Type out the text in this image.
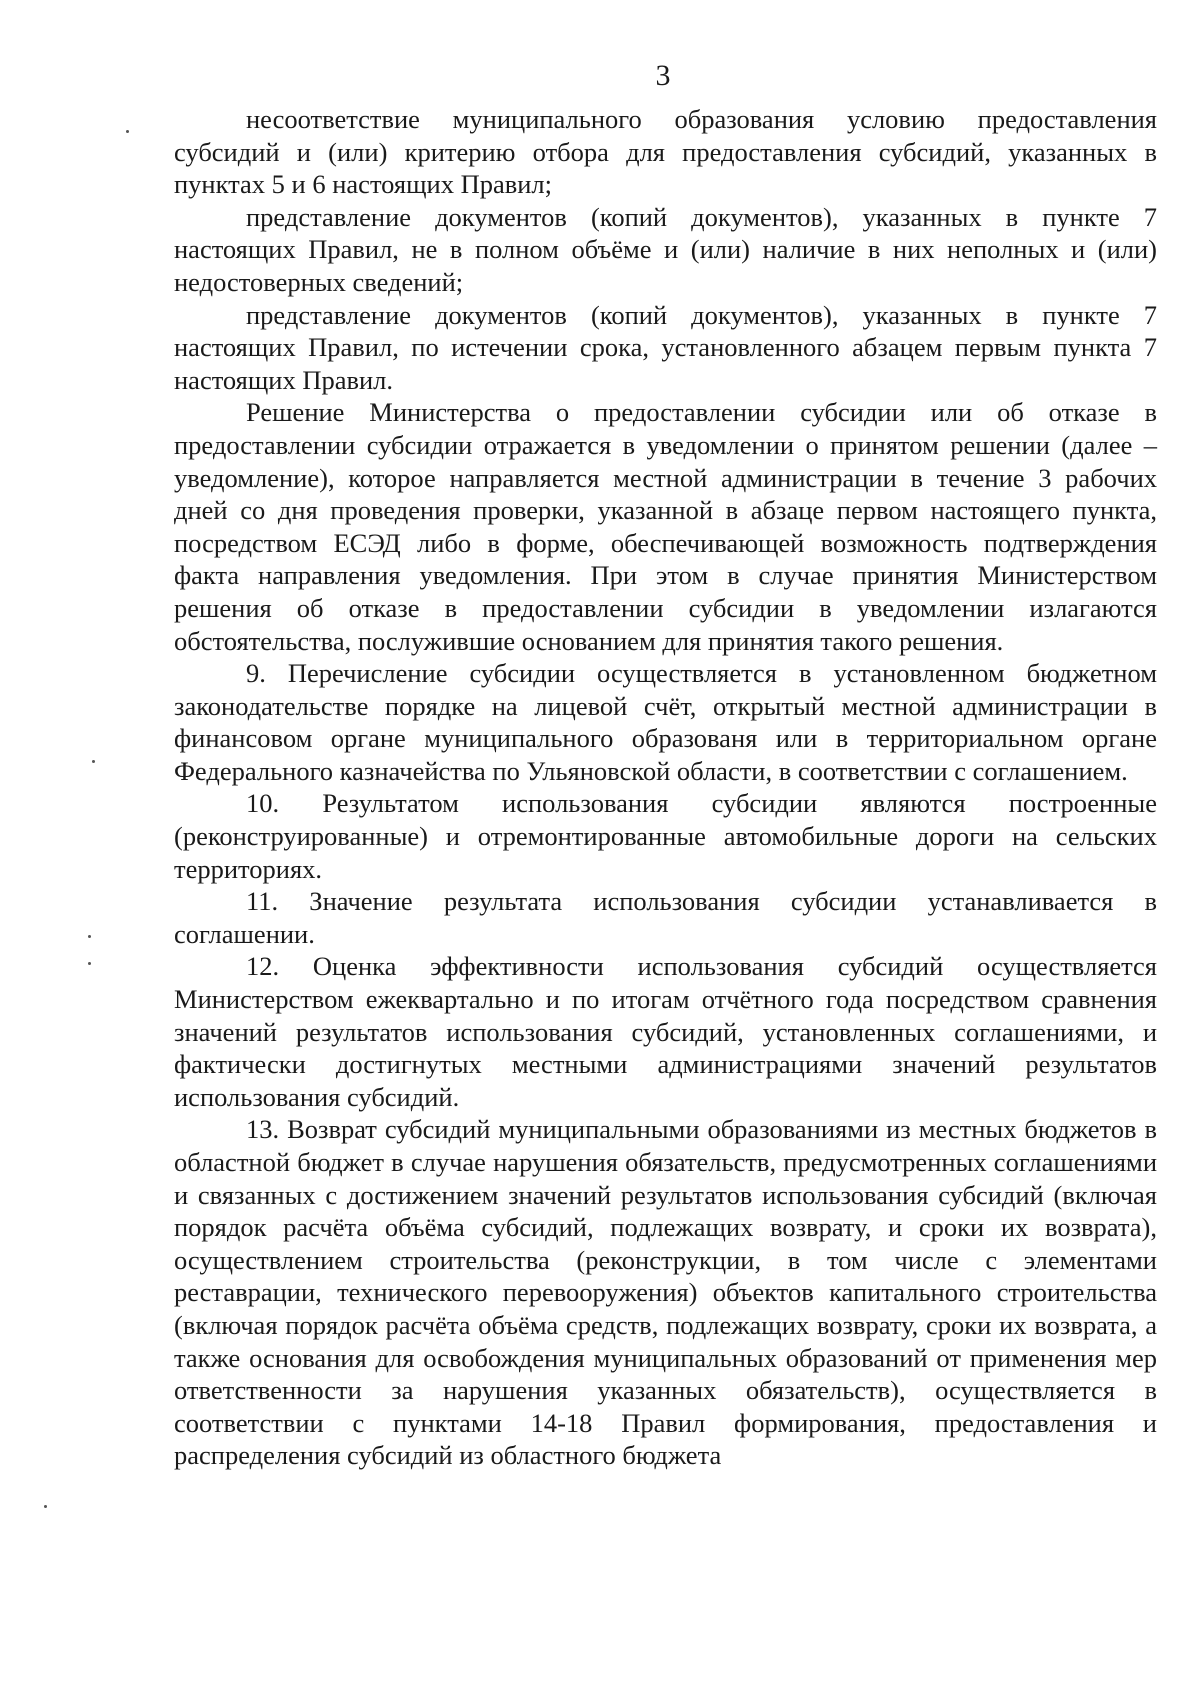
3

несоответствие муниципального образования условию предоставления субсидий и (или) критерию отбора для предоставления субсидий, указанных в пунктах 5 и 6 настоящих Правил;

представление документов (копий документов), указанных в пункте 7 настоящих Правил, не в полном объёме и (или) наличие в них неполных и (или) недостоверных сведений;

представление документов (копий документов), указанных в пункте 7 настоящих Правил, по истечении срока, установленного абзацем первым пункта 7 настоящих Правил.

Решение Министерства о предоставлении субсидии или об отказе в предоставлении субсидии отражается в уведомлении о принятом решении (далее – уведомление), которое направляется местной администрации в течение 3 рабочих дней со дня проведения проверки, указанной в абзаце первом настоящего пункта, посредством ЕСЭД либо в форме, обеспечивающей возможность подтверждения факта направления уведомления. При этом в случае принятия Министерством решения об отказе в предоставлении субсидии в уведомлении излагаются обстоятельства, послужившие основанием для принятия такого решения.

9. Перечисление субсидии осуществляется в установленном бюджетном законодательстве порядке на лицевой счёт, открытый местной администрации в финансовом органе муниципального образованя или в территориальном органе Федерального казначейства по Ульяновской области, в соответствии с соглашением.

10. Результатом использования субсидии являются построенные (реконструированные) и отремонтированные автомобильные дороги на сельских территориях.

11. Значение результата использования субсидии устанавливается в соглашении.

12. Оценка эффективности использования субсидий осуществляется Министерством ежеквартально и по итогам отчётного года посредством сравнения значений результатов использования субсидий, установленных соглашениями, и фактически достигнутых местными администрациями значений результатов использования субсидий.

13. Возврат субсидий муниципальными образованиями из местных бюджетов в областной бюджет в случае нарушения обязательств, предусмотренных соглашениями и связанных с достижением значений результатов использования субсидий (включая порядок расчёта объёма субсидий, подлежащих возврату, и сроки их возврата), осуществлением строительства (реконструкции, в том числе с элементами реставрации, технического перевооружения) объектов капитального строительства (включая порядок расчёта объёма средств, подлежащих возврату, сроки их возврата, а также основания для освобождения муниципальных образований от применения мер ответственности за нарушения указанных обязательств), осуществляется в соответствии с пунктами 14-18 Правил формирования, предоставления и распределения субсидий из областного бюджета
